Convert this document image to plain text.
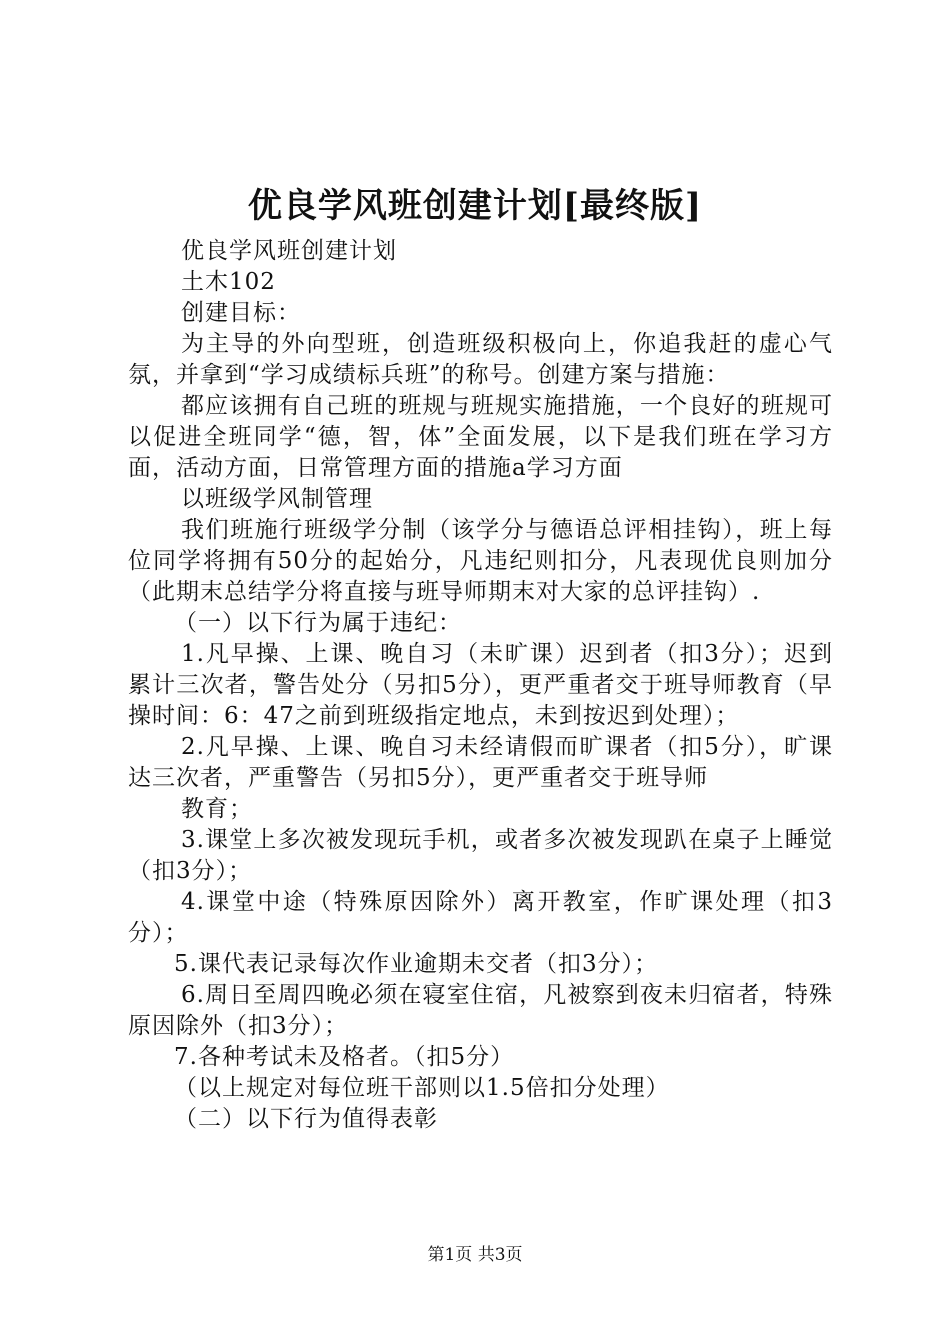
优良学风班创建计划[最终版]

优良学风班创建计划

土木102

创建目标：

为主导的外向型班，创造班级积极向上，你追我赶的虚心气氛，并拿到“学习成绩标兵班”的称号。创建方案与措施：

都应该拥有自己班的班规与班规实施措施，一个良好的班规可以促进全班同学“德，智，体”全面发展，以下是我们班在学习方面，活动方面，日常管理方面的措施a学习方面

以班级学风制管理

我们班施行班级学分制（该学分与德语总评相挂钩），班上每位同学将拥有50分的起始分，凡违纪则扣分，凡表现优良则加分（此期末总结学分将直接与班导师期末对大家的总评挂钩）.

（一）以下行为属于违纪：

1.凡早操、上课、晚自习（未旷课）迟到者（扣3分）；迟到累计三次者，警告处分（另扣5分），更严重者交于班导师教育（早操时间：6：47之前到班级指定地点，未到按迟到处理）；

2.凡早操、上课、晚自习未经请假而旷课者（扣5分），旷课达三次者，严重警告（另扣5分），更严重者交于班导师

教育；

3.课堂上多次被发现玩手机，或者多次被发现趴在桌子上睡觉（扣3分）；

4.课堂中途（特殊原因除外）离开教室，作旷课处理（扣3分）；

5.课代表记录每次作业逾期未交者（扣3分）；

6.周日至周四晚必须在寝室住宿，凡被察到夜未归宿者，特殊原因除外（扣3分）；

7.各种考试未及格者。（扣5分）

（以上规定对每位班干部则以1.5倍扣分处理）

（二）以下行为值得表彰

第1页 共3页
